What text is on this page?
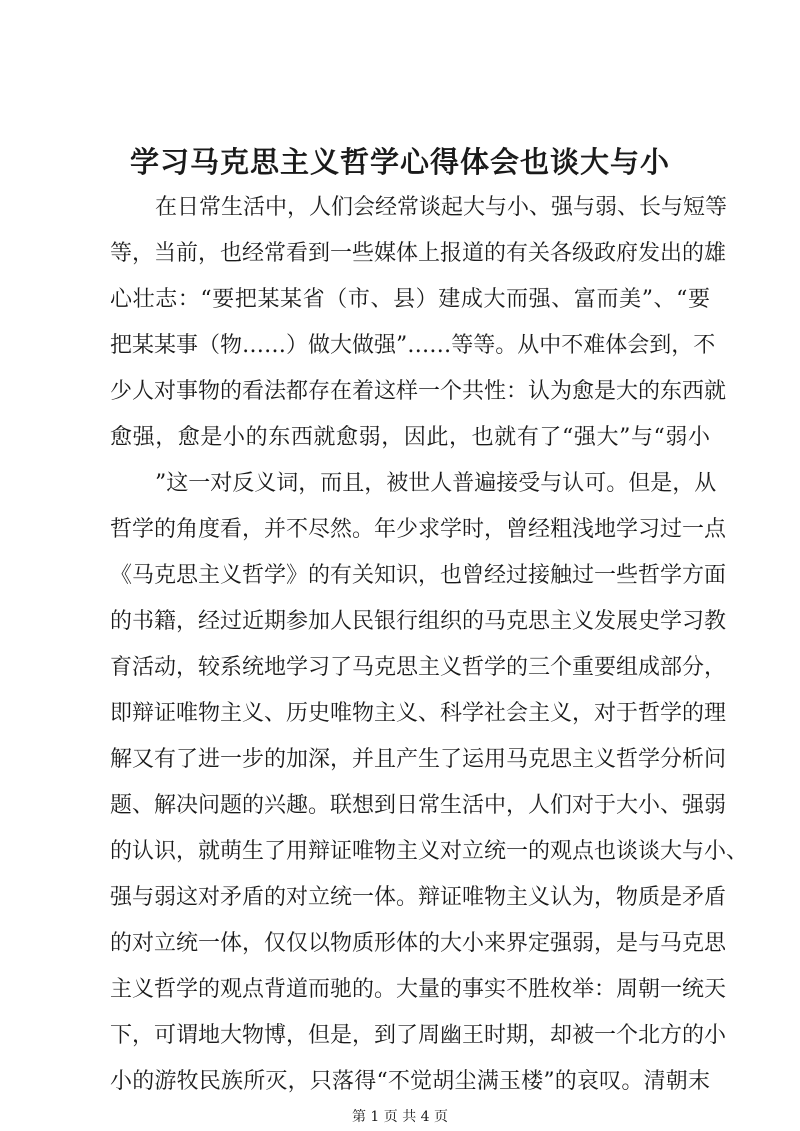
学习马克思主义哲学心得体会也谈大与小
在日常生活中，人们会经常谈起大与小、强与弱、长与短等
等，当前，也经常看到一些媒体上报道的有关各级政府发出的雄
心壮志：“要把某某省（市、县）建成大而强、富而美”、“要
把某某事（物……）做大做强”……等等。从中不难体会到，不
少人对事物的看法都存在着这样一个共性：认为愈是大的东西就
愈强，愈是小的东西就愈弱，因此，也就有了“强大”与“弱小
”这一对反义词，而且，被世人普遍接受与认可。但是，从
哲学的角度看，并不尽然。年少求学时，曾经粗浅地学习过一点
《马克思主义哲学》的有关知识，也曾经过接触过一些哲学方面
的书籍，经过近期参加人民银行组织的马克思主义发展史学习教
育活动，较系统地学习了马克思主义哲学的三个重要组成部分，
即辩证唯物主义、历史唯物主义、科学社会主义，对于哲学的理
解又有了进一步的加深，并且产生了运用马克思主义哲学分析问
题、解决问题的兴趣。联想到日常生活中，人们对于大小、强弱
的认识，就萌生了用辩证唯物主义对立统一的观点也谈谈大与小、
强与弱这对矛盾的对立统一体。辩证唯物主义认为，物质是矛盾
的对立统一体，仅仅以物质形体的大小来界定强弱，是与马克思
主义哲学的观点背道而驰的。大量的事实不胜枚举：周朝一统天
下，可谓地大物博，但是，到了周幽王时期，却被一个北方的小
第 1 页 共 4 页
小的游牧民族所灭，只落得“不觉胡尘满玉楼”的哀叹。清朝末
